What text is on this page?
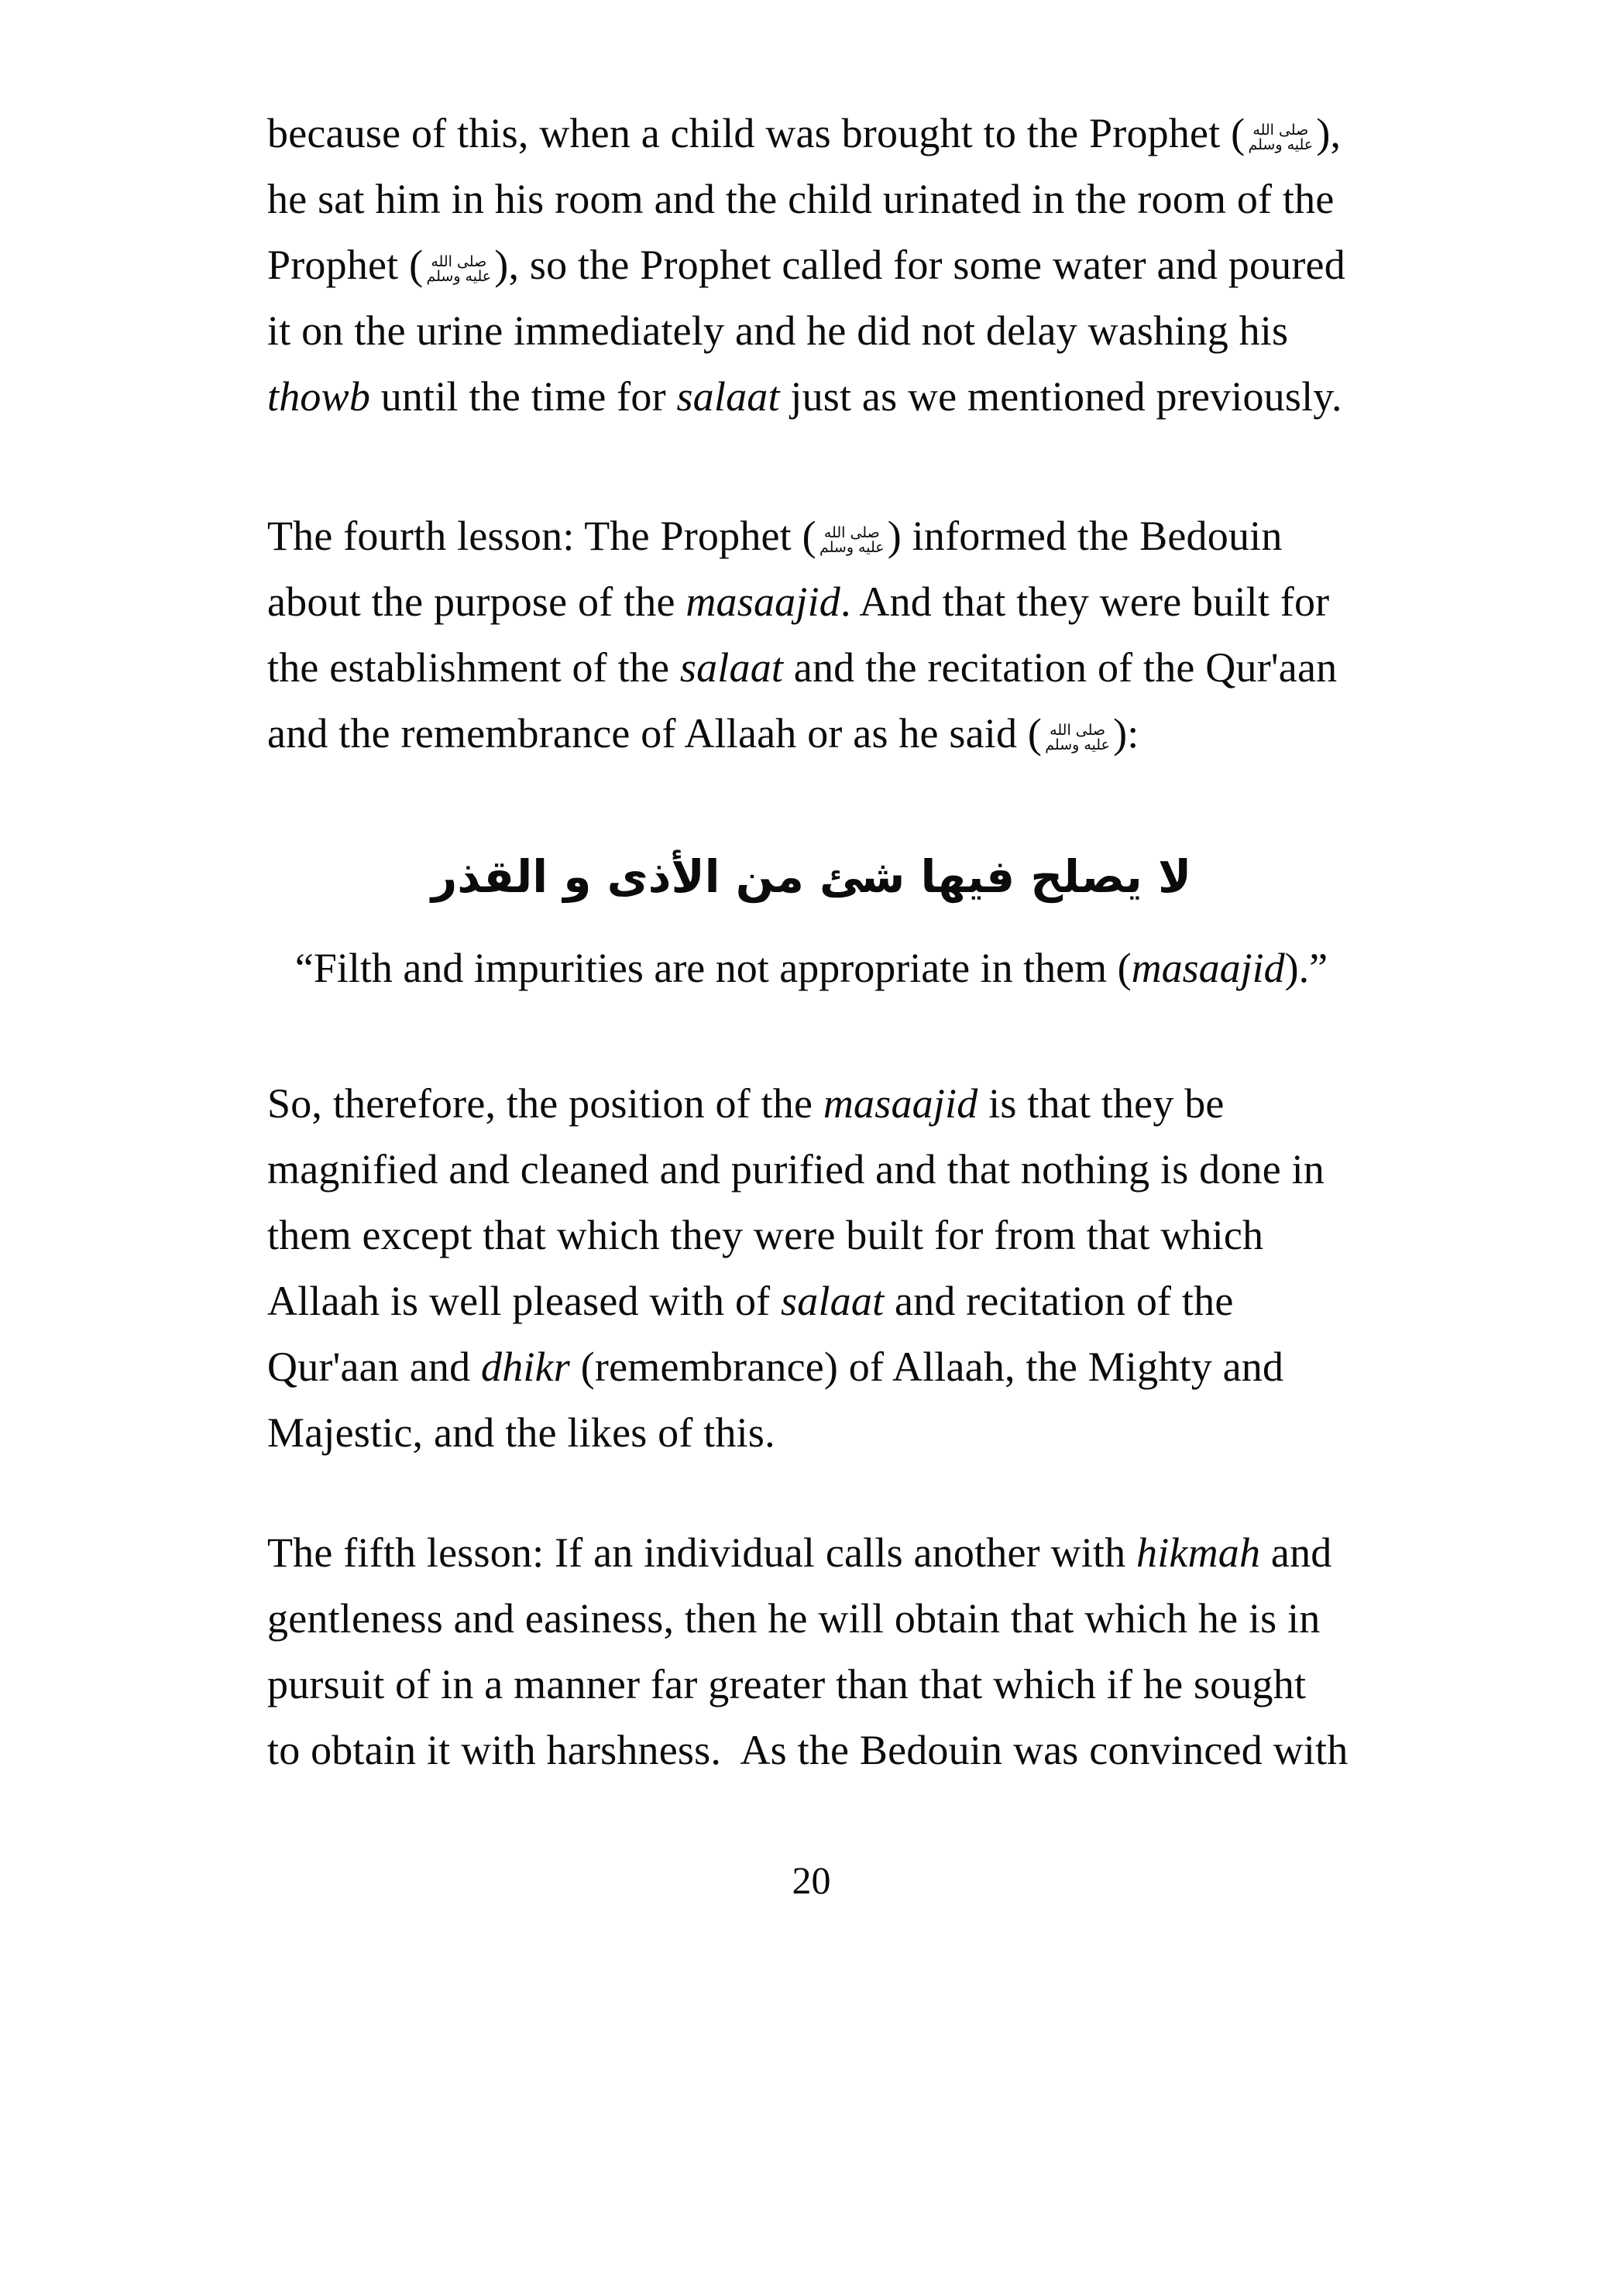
because of this, when a child was brought to the Prophet ( صلى الله عليه وسلم),
he sat him in his room and the child urinated in the room of the
Prophet ( صلى الله عليه وسلم), so the Prophet called for some water and poured
it on the urine immediately and he did not delay washing his
thowb until the time for salaat just as we mentioned previously.
The fourth lesson: The Prophet ( صلى الله عليه وسلم) informed the Bedouin
about the purpose of the masaajid. And that they were built for
the establishment of the salaat and the recitation of the Qur'aan
and the remembrance of Allaah or as he said ( صلى الله عليه وسلم):
لا يصلح فيها شئ من الأذى و القذر
“Filth and impurities are not appropriate in them (masaajid).”
So, therefore, the position of the masaajid is that they be
magnified and cleaned and purified and that nothing is done in
them except that which they were built for from that which
Allaah is well pleased with of salaat and recitation of the
Qur'aan and dhikr (remembrance) of Allaah, the Mighty and
Majestic, and the likes of this.
The fifth lesson: If an individual calls another with hikmah and
gentleness and easiness, then he will obtain that which he is in
pursuit of in a manner far greater than that which if he sought
to obtain it with harshness.  As the Bedouin was convinced with
20
